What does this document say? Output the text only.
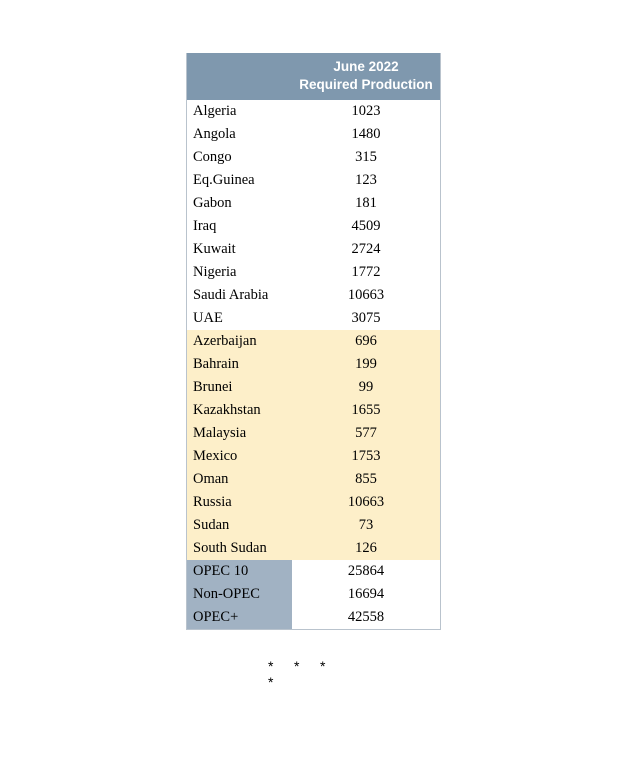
June 2022
Required Production
Algeria	1023
Angola	1480
Congo	315
Eq.Guinea	123
Gabon	181
Iraq	4509
Kuwait	2724
Nigeria	1772
Saudi Arabia	10663
UAE	3075
Azerbaijan	696
Bahrain	199
Brunei	99
Kazakhstan	1655
Malaysia	577
Mexico	1753
Oman	855
Russia	10663
Sudan	73
South Sudan	126
OPEC 10	25864
Non-OPEC	16694
OPEC+	42558
* * **
